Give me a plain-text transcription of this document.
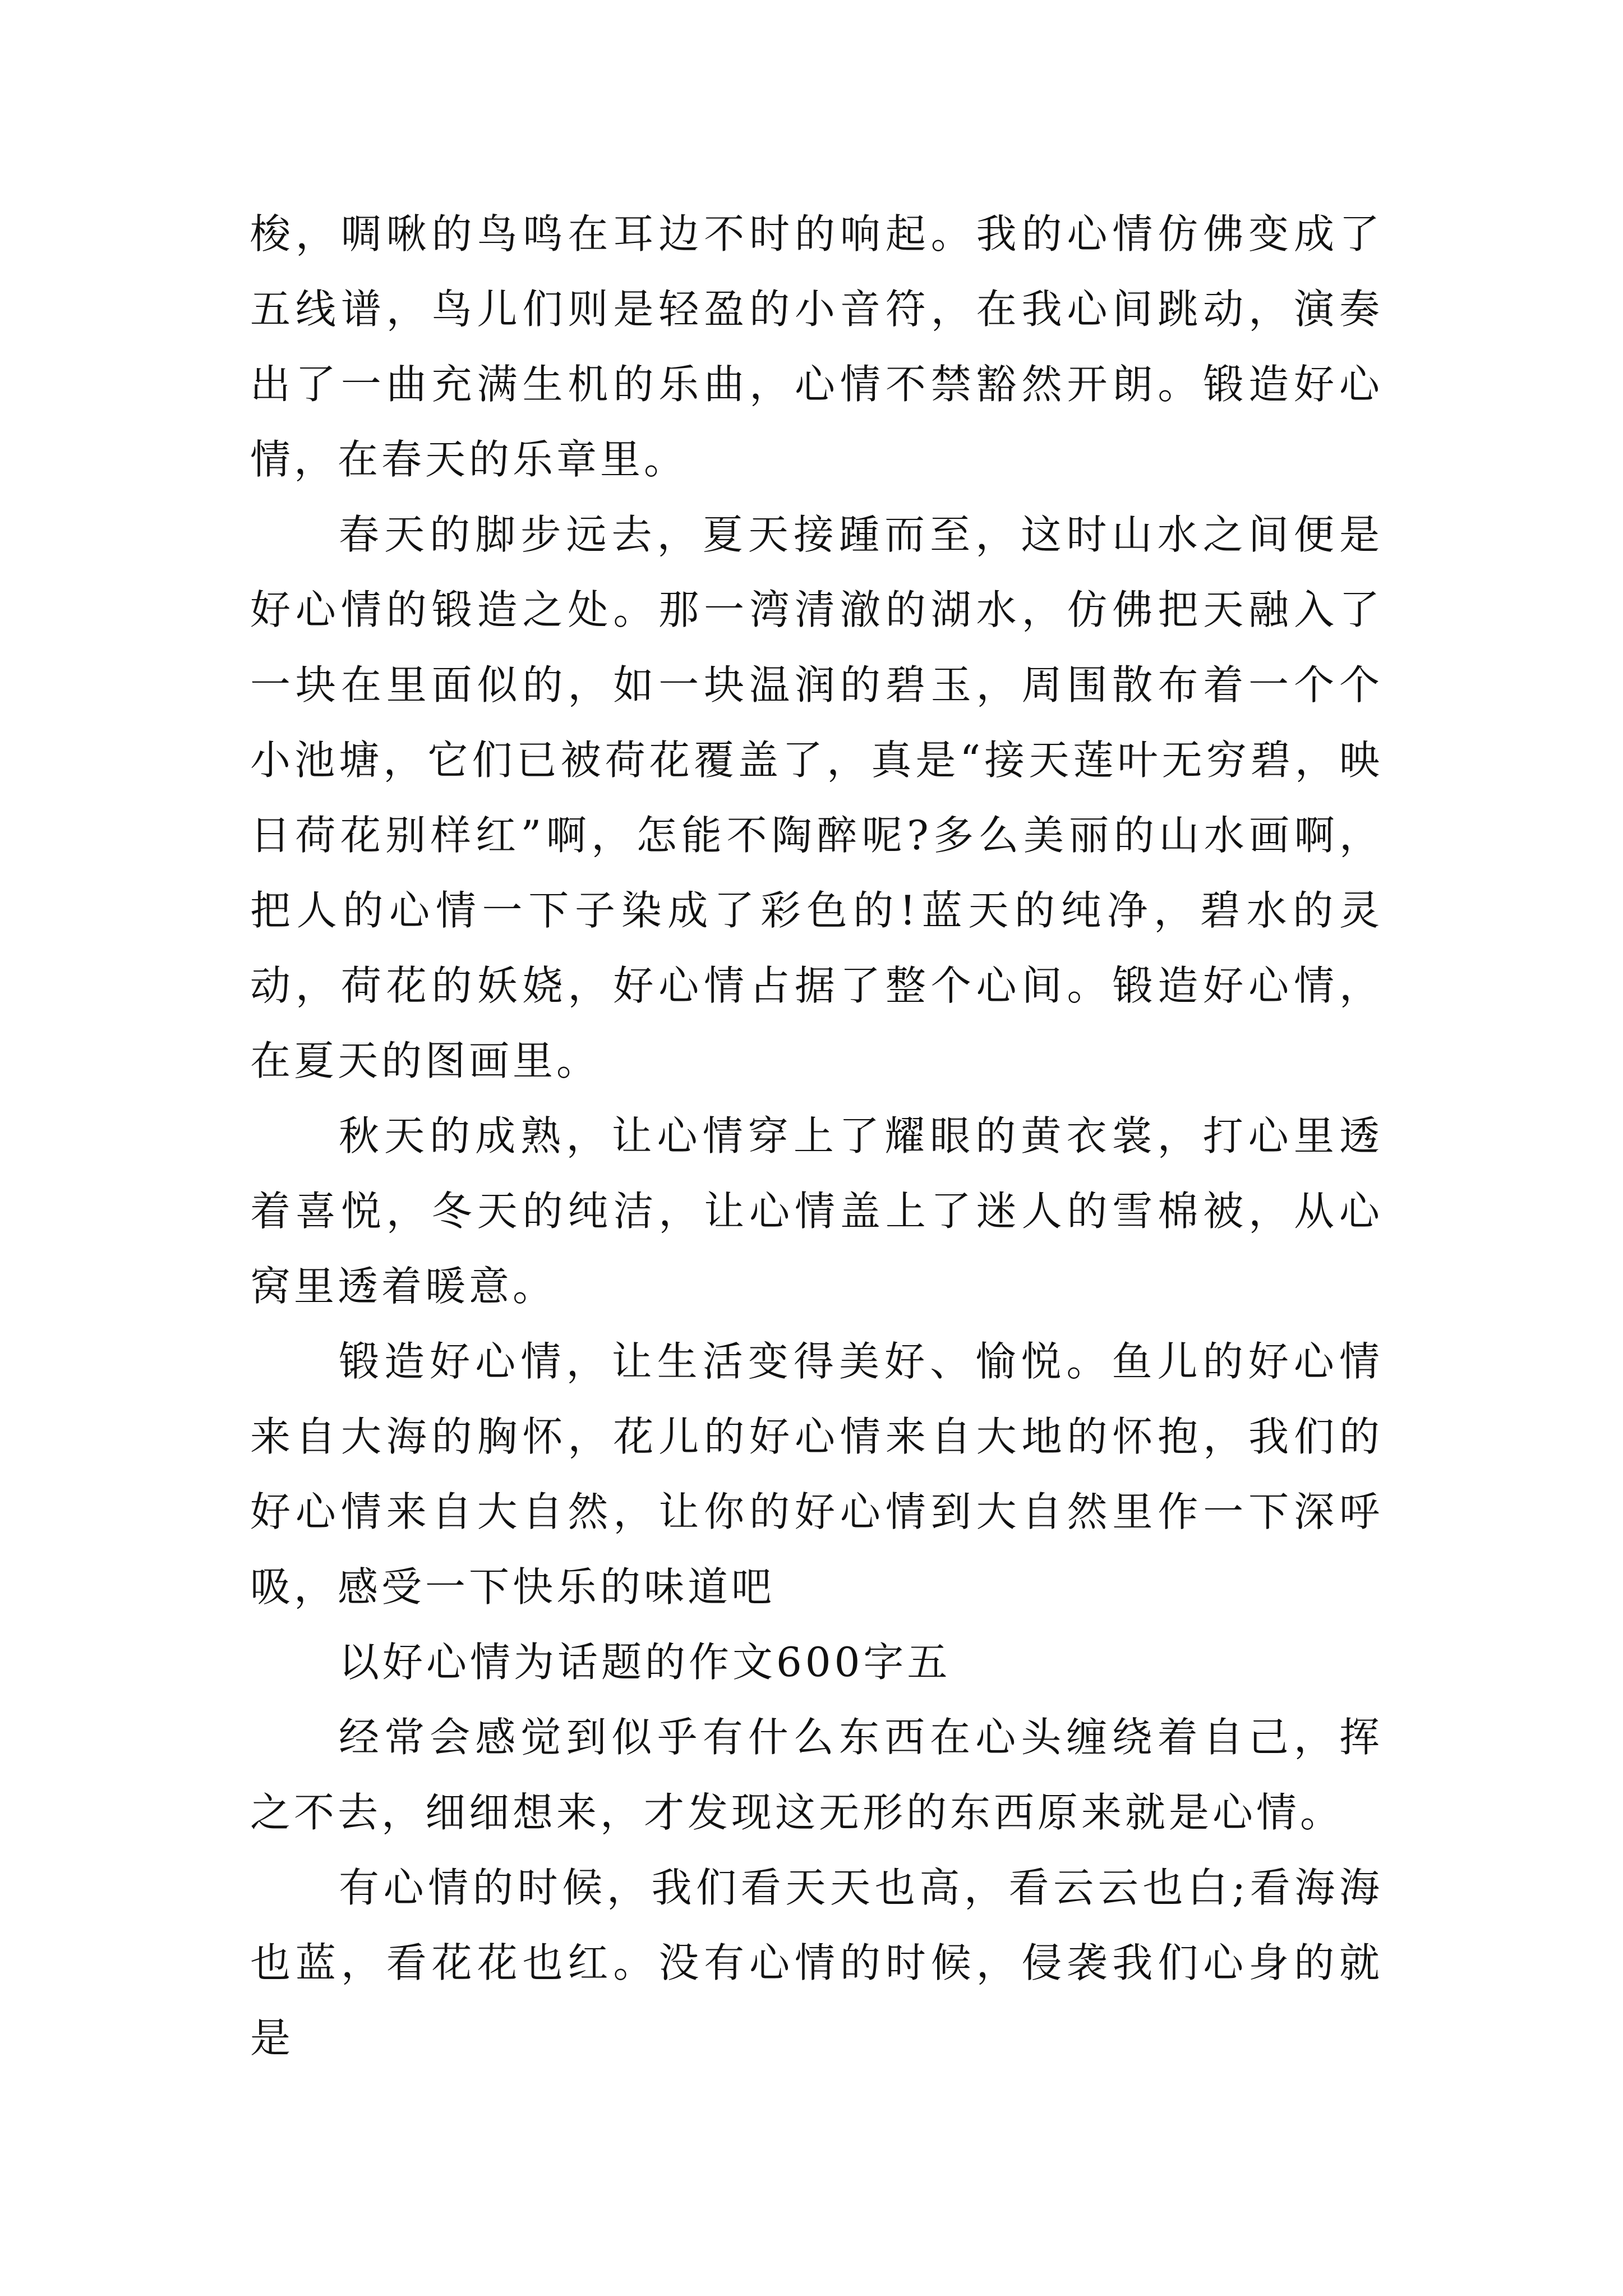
梭，啁啾的鸟鸣在耳边不时的响起。我的心情仿佛变成了五线谱，鸟儿们则是轻盈的小音符，在我心间跳动，演奏出了一曲充满生机的乐曲，心情不禁豁然开朗。锻造好心情，在春天的乐章里。

春天的脚步远去，夏天接踵而至，这时山水之间便是好心情的锻造之处。那一湾清澈的湖水，仿佛把天融入了一块在里面似的，如一块温润的碧玉，周围散布着一个个小池塘，它们已被荷花覆盖了，真是“接天莲叶无穷碧，映日荷花别样红”啊，怎能不陶醉呢?多么美丽的山水画啊，把人的心情一下子染成了彩色的!蓝天的纯净，碧水的灵动，荷花的妖娆，好心情占据了整个心间。锻造好心情，在夏天的图画里。

秋天的成熟，让心情穿上了耀眼的黄衣裳，打心里透着喜悦，冬天的纯洁，让心情盖上了迷人的雪棉被，从心窝里透着暖意。

锻造好心情，让生活变得美好、愉悦。鱼儿的好心情来自大海的胸怀，花儿的好心情来自大地的怀抱，我们的好心情来自大自然，让你的好心情到大自然里作一下深呼吸，感受一下快乐的味道吧

以好心情为话题的作文600字五

经常会感觉到似乎有什么东西在心头缠绕着自己，挥之不去，细细想来，才发现这无形的东西原来就是心情。

有心情的时候，我们看天天也高，看云云也白;看海海也蓝，看花花也红。没有心情的时候，侵袭我们心身的就是
